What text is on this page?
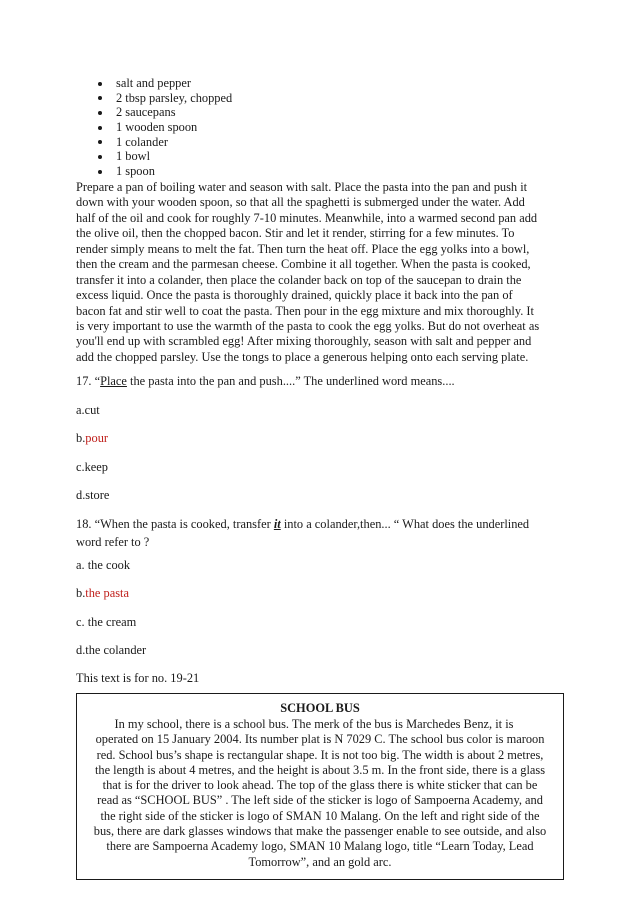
salt and pepper
2 tbsp parsley, chopped
2 saucepans
1 wooden spoon
1 colander
1 bowl
1 spoon
Prepare a pan of boiling water and season with salt. Place the pasta into the pan and push it
down with your wooden spoon, so that all the spaghetti is submerged under the water. Add
half of the oil and cook for roughly 7-10 minutes. Meanwhile, into a warmed second pan add
the olive oil, then the chopped bacon. Stir and let it render, stirring for a few minutes. To
render simply means to melt the fat. Then turn the heat off. Place the egg yolks into a bowl,
then the cream and the parmesan cheese. Combine it all together. When the pasta is cooked,
transfer it into a colander, then place the colander back on top of the saucepan to drain the
excess liquid. Once the pasta is thoroughly drained, quickly place it back into the pan of
bacon fat and stir well to coat the pasta. Then pour in the egg mixture and mix thoroughly. It
is very important to use the warmth of the pasta to cook the egg yolks. But do not overheat as
you'll end up with scrambled egg! After mixing thoroughly, season with salt and pepper and
add the chopped parsley. Use the tongs to place a generous helping onto each serving plate.
17. “Place the pasta into the pan and push....” The underlined word means....
a.cut
b.pour
c.keep
d.store
18. “When the pasta is cooked, transfer it into a colander,then... “ What does the underlined
word refer to ?
a. the cook
b.the pasta
c. the cream
d.the colander
This text is for no. 19-21
SCHOOL BUS
In my school, there is a school bus. The merk of the bus is Marchedes Benz, it is
operated on 15 January 2004. Its number plat is N 7029 C. The school bus color is maroon
red. School bus’s shape is rectangular shape. It is not too big. The width is about 2 metres,
the length is about 4 metres, and the height is about 3.5 m. In the front side, there is a glass
that is for the driver to look ahead. The top of the glass there is white sticker that can be
read as “SCHOOL BUS” . The left side of the sticker is logo of Sampoerna Academy, and
the right side of the sticker is logo of SMAN 10 Malang. On the left and right side of the
bus, there are dark glasses windows that make the passenger enable to see outside, and also
there are Sampoerna Academy logo, SMAN 10 Malang logo, title “Learn Today, Lead
Tomorrow”, and an gold arc.
